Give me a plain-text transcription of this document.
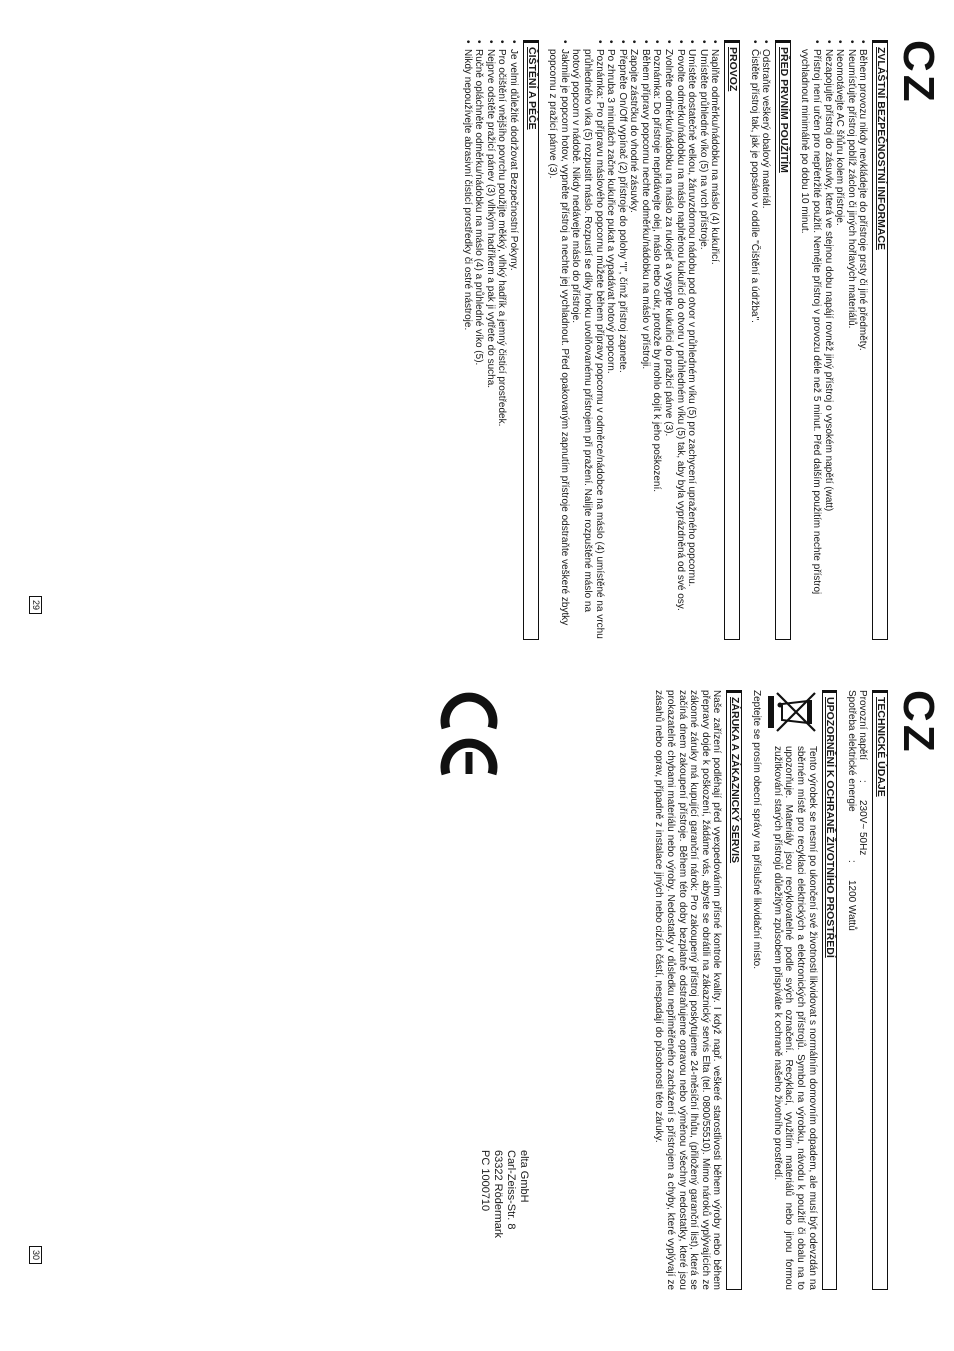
CZ
ZVLÁŠTNÍ BEZPEČNOSTNÍ INFORMACE
• Během provozu nikdy nevkládejte do přístroje prsty či jiné předměty.
• Neumísťujte přístroj poblíž záclon či jiných hořlavých materiálů.
• Neomotávejte AC šňůru kolem přístroje.
• Nezapojujte přístroj do zásuvky, která ve stejnou dobu napájí rovněž jiný přístroj o vysokém napětí (watt)
• Přístroj není určen pro nepřetržité použití. Nemějte přístroj v provozu déle než 5 minut. Před dalším použitím nechte přístroj vychladnout minimálně po dobu 10 minut.
PŘED PRVNÍM POUŽITÍM
• Odstraňte veškerý obalový materiál.
• Čistěte přístroj tak, jak je popsáno v oddíle "Čištění a údržba".
PROVOZ
• Naplňte odměrku/nádobku na máslo (4) kukuřicí.
• Umístěte průhledné víko (5) na vrch přístroje.
• Umístěte dostatečně velkou, žáruvzdornou nádobu pod otvor v průhledném víku (5) pro zachycení upraženého popcornu.
• Povolte odměrku/nádobku na máslo naplněnou kukuřicí do otvoru v průhledném víku (5) tak, aby byla vyprázdněná od své osy.
• Zvolněte odměrku/nádobku na máslo za rukojeť a vysypte kukuřici do pražicí pánve (3).
• Poznámka: Do přístroje nepřidávejte olej, máslo nebo cukr, protože by mohlo dojít k jeho poškození.
• Během přípravy popcornu nechte odměrku/nádobku na máslo v přístroji.
• Zapojte zástrčku do vhodné zásuvky.
• Přepněte On/Off vypínač (2) přístroje do polohy "I", čímž přístroj zapnete.
• Po zhruba 3 minutách začne kukuřice pukat a vypadávat hotový popcorn.
• Poznámka: Pro přípravu máslového popcornu můžete během přípravy popcornu v odměrce/nádobce na máslo (4) umístěné na vrchu průhledného víka (5) rozpustit máslo. Rozpustí se díky horku uvolňovanému přístrojem při pražení. Nalijte rozpuštěné máslo na hotový popcorn v nádobě. Nikdy nedávejte máslo do přístroje.
• Jakmile je popcorn hotov, vypněte přístroj a nechte jej vychladnout. Před opakovaným zapnutím přístroje odstraňte veškeré zbytky popcornu z pražicí pánve (3).
ČIŠTĚNÍ A PÉČE
• Je velmi důležité dodržovat Bezpečnostní Pokyny.
• Pro očištění vnějšího povrchu použijte měkký, vlhký hadřík a jemný čisticí prostředek.
• Nejprve odstěte pražicí pánev (3) vlhkým hadříkem a pak ji vytřete do sucha.
• Ručně opláchněte odměrku/nádobku na máslo (4) a průhledné víko (5).
• Nikdy nepoužívejte abrasivní čisticí prostředky či ostré nástroje.
29
CZ
TECHNICKÉ ÚDAJE
Provozní napětí
:
230V~ 50Hz
Spotřeba elektrické energie
:
1200 Wattů
UPOZORNĚNÍ K OCHRANĚ ŽIVOTNÍHO PROSTŘEDÍ

Tento výrobek se nesmí po ukončení své životnosti likvidovat s normálním domovním odpadem, ale musí být odevzdán na sběrném místě pro recyklaci elektrických a elektronických přístrojů. Symbol na výrobku, návodu k použití či obalu na to upozorňuje. Materiály jsou recyklovatelné podle svých označení. Recyklací, využitím materiálů nebo jinou formou zužitkování starých přístrojů důležitým způsobem přispíváte k ochraně našeho životního prostředí.

Zeptejte se prosím obecní správy na příslušné likvidační místo.

ZÁRUKA A ZÁKAZNICKÝ SERVIS

Naše zařízení podléhají před vyexpedováním přísné kontrole kvality. I když např. veškeré starostlivosti během výroby nebo během přepravy dojde k poškození, žádáme vás, abyste se obrátili na zákaznický servis Elta (tel. 0800/55510). Mimo nároků vyplývajících ze zákonné záruky má kupující garanční nárok: Pro zakoupený přístroj poskytujeme 24-měsíční lhůtu, (přiložený garanční list), která se začíná dnem zakoupení přístroje. Během této doby bezplatně odstraňujeme opravou nebo výměnou všechny nedostatky, které jsou prokazatelně chybami materiálu nebo výroby. Nedostatky v důsledku nepřiměřeného zacházení s přístrojem a chyby, které vyplývají ze zásahů nebo oprav, případně z instalace jiných nebo cizích částí, nespadají do působnosti této záruky.

elta GmbH
Carl-Zeiss-Str. 8
63322 Rödermark
PC 1000710
30
